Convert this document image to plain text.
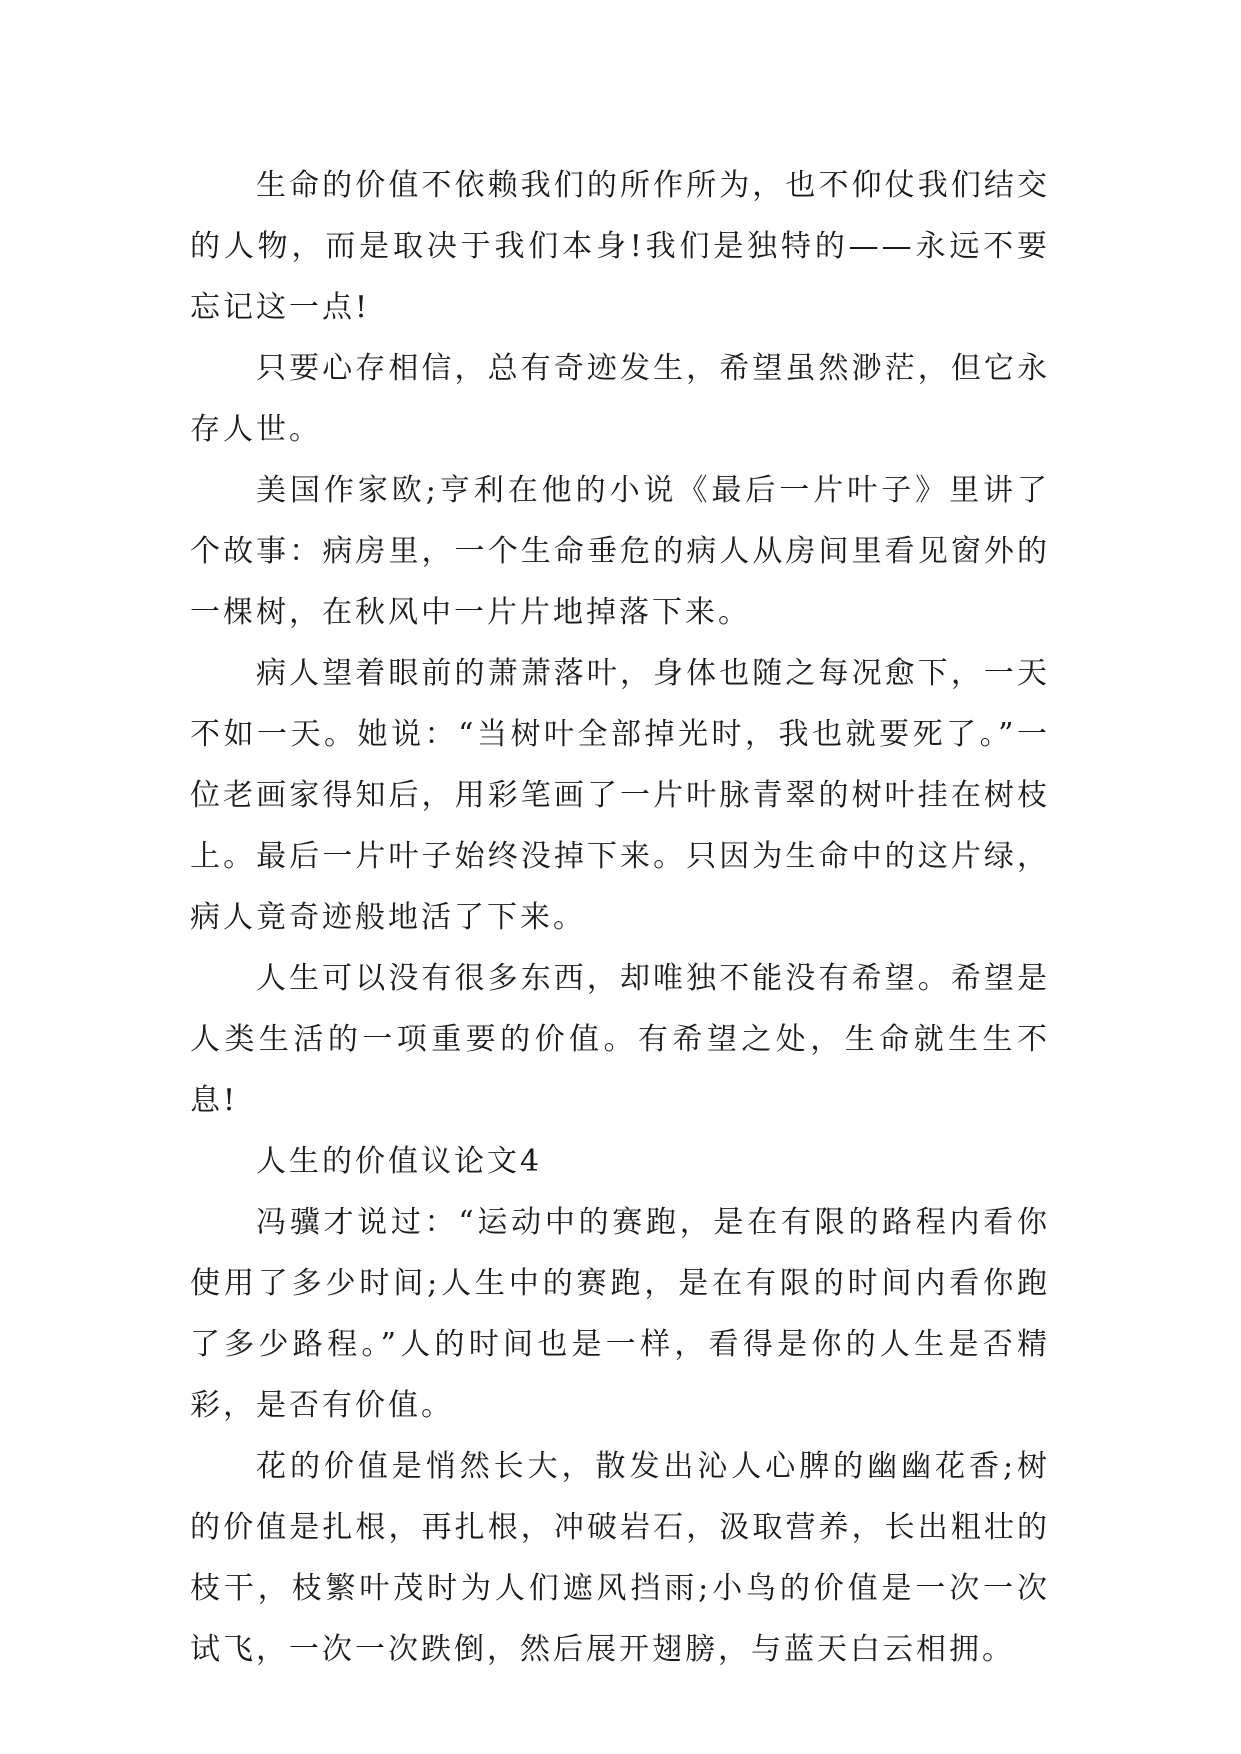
生命的价值不依赖我们的所作所为，也不仰仗我们结交的人物，而是取决于我们本身!我们是独特的——永远不要忘记这一点!

只要心存相信，总有奇迹发生，希望虽然渺茫，但它永存人世。

美国作家欧;亨利在他的小说《最后一片叶子》里讲了个故事：病房里，一个生命垂危的病人从房间里看见窗外的一棵树，在秋风中一片片地掉落下来。

病人望着眼前的萧萧落叶，身体也随之每况愈下，一天不如一天。她说：“当树叶全部掉光时，我也就要死了。”一位老画家得知后，用彩笔画了一片叶脉青翠的树叶挂在树枝上。最后一片叶子始终没掉下来。只因为生命中的这片绿，病人竟奇迹般地活了下来。

人生可以没有很多东西，却唯独不能没有希望。希望是人类生活的一项重要的价值。有希望之处，生命就生生不息!

人生的价值议论文4

冯骥才说过：“运动中的赛跑，是在有限的路程内看你使用了多少时间;人生中的赛跑，是在有限的时间内看你跑了多少路程。”人的时间也是一样，看得是你的人生是否精彩，是否有价值。

花的价值是悄然长大，散发出沁人心脾的幽幽花香;树的价值是扎根，再扎根，冲破岩石，汲取营养，长出粗壮的枝干，枝繁叶茂时为人们遮风挡雨;小鸟的价值是一次一次试飞，一次一次跌倒，然后展开翅膀，与蓝天白云相拥。
